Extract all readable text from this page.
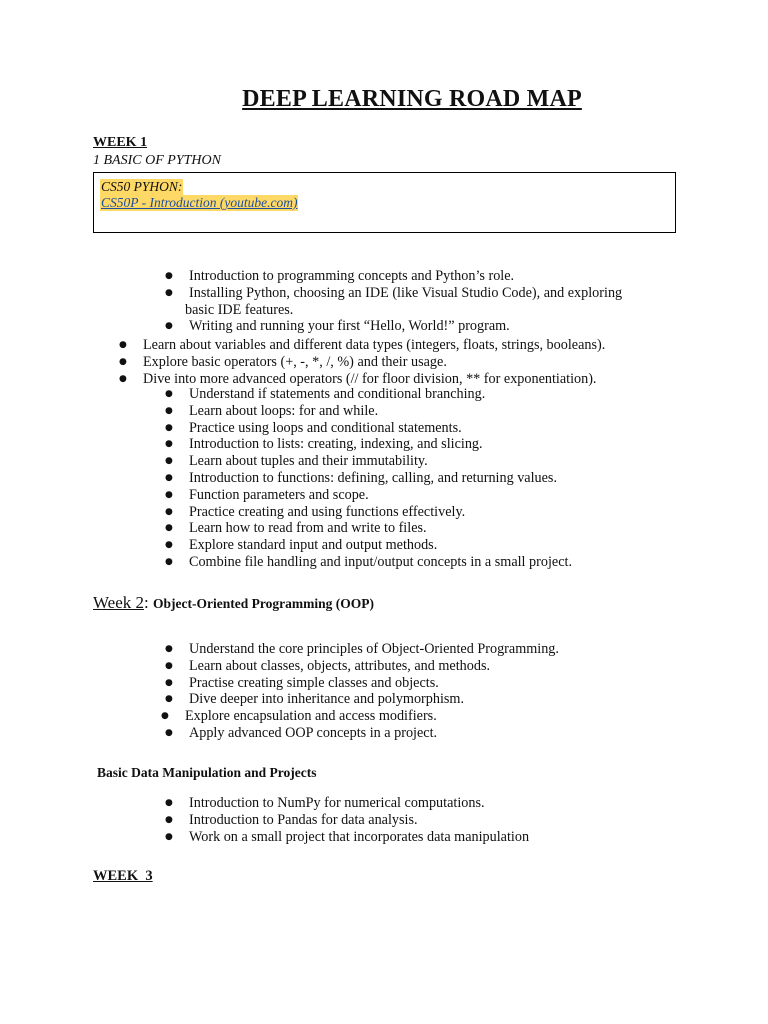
DEEP LEARNING ROAD MAP
WEEK 1
1 BASIC OF PYTHON
CS50 PYHON:
CS50P - Introduction (youtube.com)
● Introduction to programming concepts and Python’s role.
● Installing Python, choosing an IDE (like Visual Studio Code), and exploring
basic IDE features.
● Writing and running your first “Hello, World!” program.
● Learn about variables and different data types (integers, floats, strings, booleans).
● Explore basic operators (+, -, *, /, %) and their usage.
● Dive into more advanced operators (// for floor division, ** for exponentiation).
● Understand if statements and conditional branching.
● Learn about loops: for and while.
● Practice using loops and conditional statements.
● Introduction to lists: creating, indexing, and slicing.
● Learn about tuples and their immutability.
● Introduction to functions: defining, calling, and returning values.
● Function parameters and scope.
● Practice creating and using functions effectively.
● Learn how to read from and write to files.
● Explore standard input and output methods.
● Combine file handling and input/output concepts in a small project.
Week 2: Object-Oriented Programming (OOP)
● Understand the core principles of Object-Oriented Programming.
● Learn about classes, objects, attributes, and methods.
● Practise creating simple classes and objects.
● Dive deeper into inheritance and polymorphism.
● Explore encapsulation and access modifiers.
● Apply advanced OOP concepts in a project.
Basic Data Manipulation and Projects
● Introduction to NumPy for numerical computations.
● Introduction to Pandas for data analysis.
● Work on a small project that incorporates data manipulation
WEEK  3
